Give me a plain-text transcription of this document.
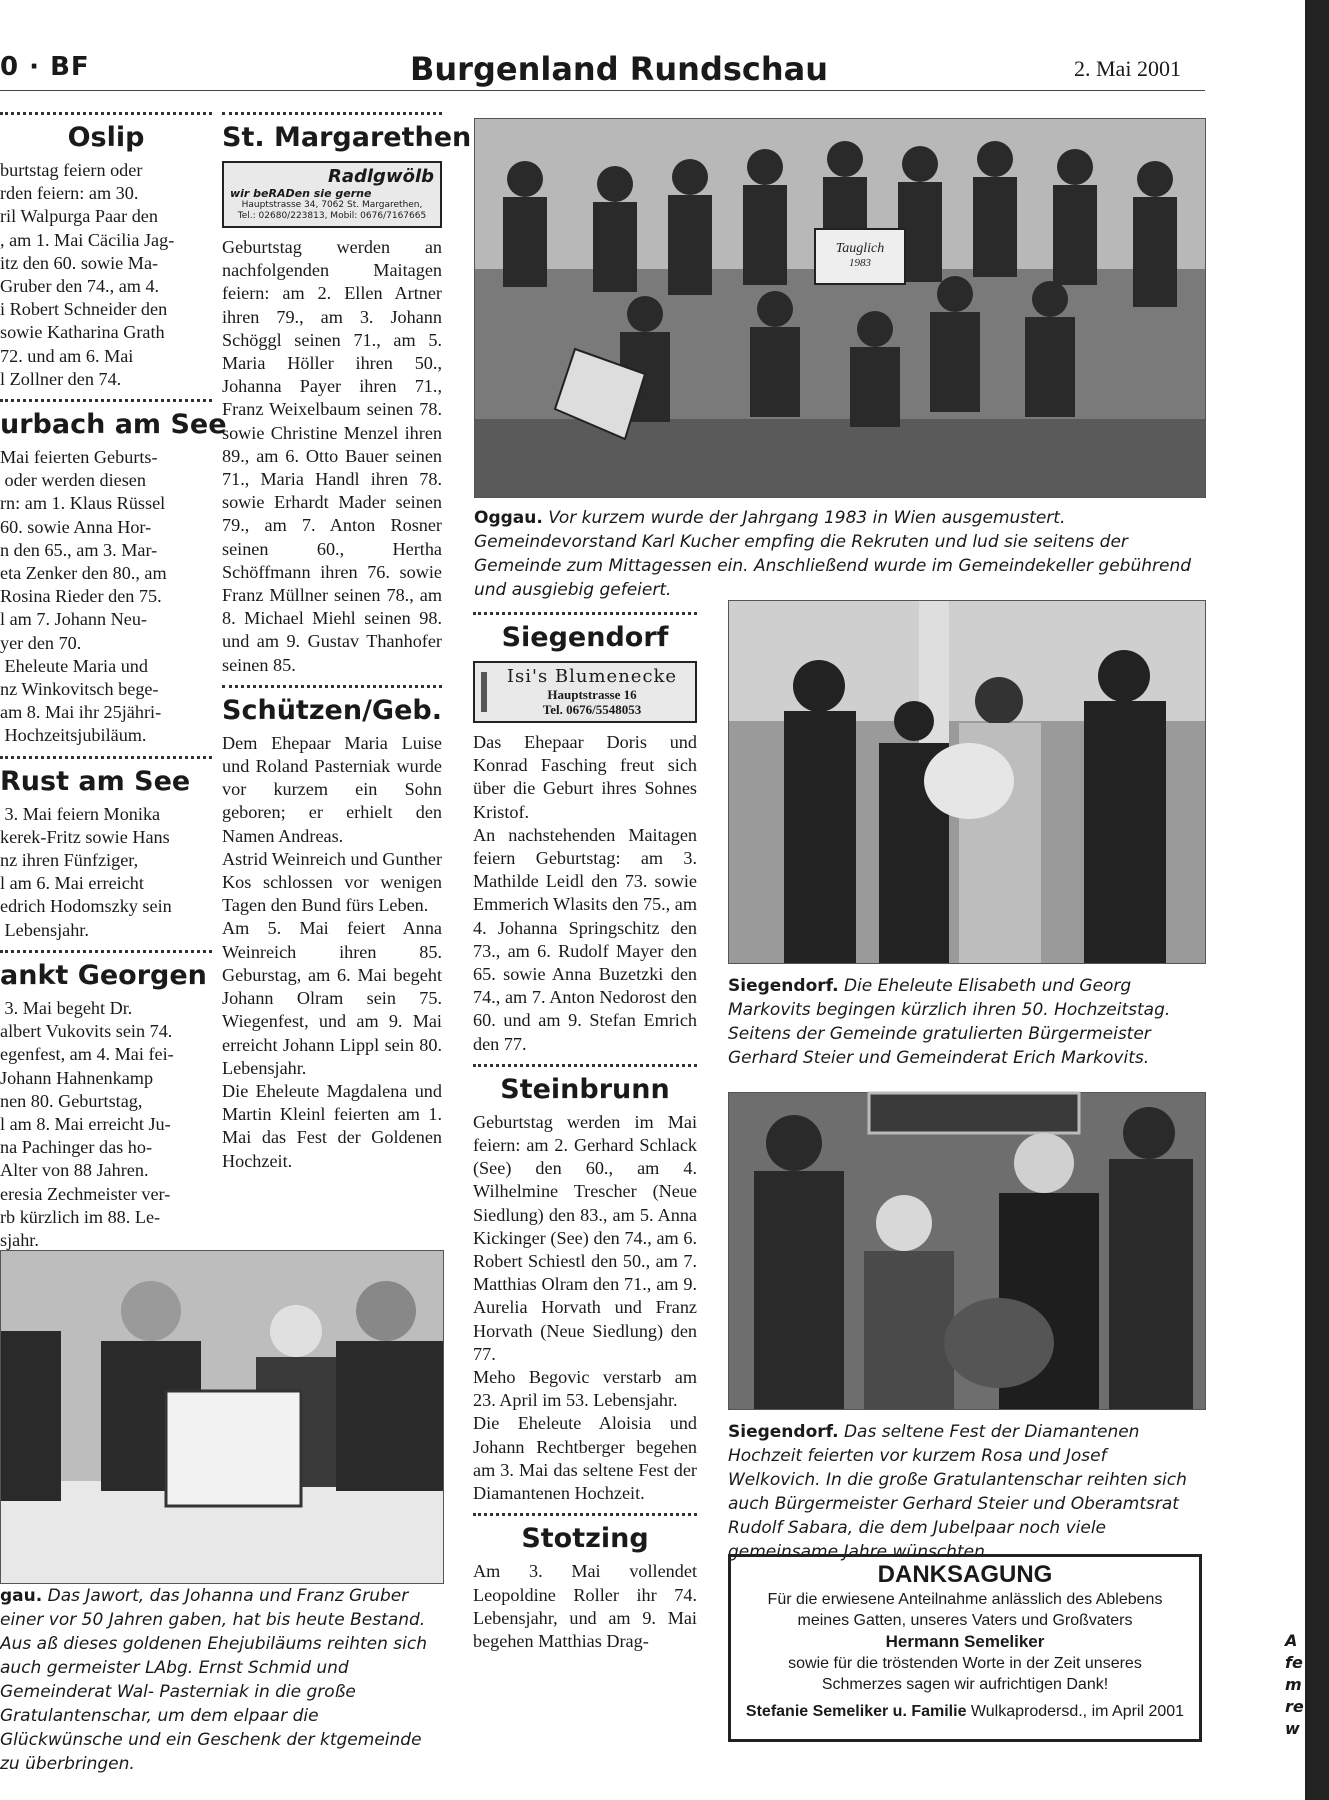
0 · BF	Burgenland Rundschau	2. Mai 2001
Oslip

burtstag feiern oder
rden feiern: am 30.
ril Walpurga Paar den
, am 1. Mai Cäcilia Jag-
itz den 60. sowie Ma-
Gruber den 74., am 4.
i Robert Schneider den
sowie Katharina Grath
72. und am 6. Mai
l Zollner den 74.

urbach am See

Mai feierten Geburts-
oder werden diesen
rn: am 1. Klaus Rüssel
60. sowie Anna Hor-
n den 65., am 3. Mar-
eta Zenker den 80., am
Rosina Rieder den 75.
l am 7. Johann Neu-
yer den 70.
Eheleute Maria und
nz Winkovitsch bege-
am 8. Mai ihr 25jähri-
Hochzeitsjubiläum.

Rust am See

3. Mai feiern Monika
kerek-Fritz sowie Hans
nz ihren Fünfziger,
l am 6. Mai erreicht
edrich Hodomszky sein
Lebensjahr.

ankt Georgen

3. Mai begeht Dr.
albert Vukovits sein 74.
egenfest, am 4. Mai fei-
Johann Hahnenkamp
nen 80. Geburtstag,
l am 8. Mai erreicht Ju-
na Pachinger das ho-
Alter von 88 Jahren.
eresia Zechmeister ver-
rb kürzlich im 88. Le-
sjahr.

St. Margarethen
Radlgwölb
wir beRADen sie gerne
Hauptstrasse 34, 7062 St. Margarethen,
Tel.: 02680/223813, Mobil: 0676/7167665

Geburtstag werden an nachfolgenden Maitagen feiern: am 2. Ellen Artner ihren 79., am 3. Johann Schöggl seinen 71., am 5. Maria Höller ihren 50., Johanna Payer ihren 71., Franz Weixelbaum seinen 78. sowie Christine Menzel ihren 89., am 6. Otto Bauer seinen 71., Maria Handl ihren 78. sowie Erhardt Mader seinen 79., am 7. Anton Rosner seinen 60., Hertha Schöffmann ihren 76. sowie Franz Müllner seinen 78., am 8. Michael Miehl seinen 98. und am 9. Gustav Thanhofer seinen 85.

Schützen/Geb.

Dem Ehepaar Maria Luise und Roland Pasterniak wurde vor kurzem ein Sohn geboren; er erhielt den Namen Andreas.
Astrid Weinreich und Gunther Kos schlossen vor wenigen Tagen den Bund fürs Leben.
Am 5. Mai feiert Anna Weinreich ihren 85. Geburstag, am 6. Mai begeht Johann Olram sein 75. Wiegenfest, und am 9. Mai erreicht Johann Lippl sein 80. Lebensjahr.
Die Eheleute Magdalena und Martin Kleinl feierten am 1. Mai das Fest der Goldenen Hochzeit.

Siegendorf
Isi's Blumenecke
Hauptstrasse 16
Tel. 0676/5548053

Das Ehepaar Doris und Konrad Fasching freut sich über die Geburt ihres Sohnes Kristof.
An nachstehenden Maitagen feiern Geburtstag: am 3. Mathilde Leidl den 73. sowie Emmerich Wlasits den 75., am 4. Johanna Springschitz den 73., am 6. Rudolf Mayer den 65. sowie Anna Buzetzki den 74., am 7. Anton Nedorost den 60. und am 9. Stefan Emrich den 77.

Steinbrunn

Geburtstag werden im Mai feiern: am 2. Gerhard Schlack (See) den 60., am 4. Wilhelmine Trescher (Neue Siedlung) den 83., am 5. Anna Kickinger (See) den 74., am 6. Robert Schiestl den 50., am 7. Matthias Olram den 71., am 9. Aurelia Horvath und Franz Horvath (Neue Siedlung) den 77.
Meho Begovic verstarb am 23. April im 53. Lebensjahr.
Die Eheleute Aloisia und Johann Rechtberger begehen am 3. Mai das seltene Fest der Diamantenen Hochzeit.

Stotzing

Am 3. Mai vollendet Leopoldine Roller ihr 74. Lebensjahr, und am 9. Mai begehen Matthias Drag-

Tauglich
1983
Oggau. Vor kurzem wurde der Jahrgang 1983 in Wien ausgemustert. Gemeindevorstand Karl Kucher empfing die Rekruten und lud sie seitens der Gemeinde zum Mittagessen ein. Anschließend wurde im Gemeindekeller gebührend und ausgiebig gefeiert.
Siegendorf. Die Eheleute Elisabeth und Georg Markovits begingen kürzlich ihren 50. Hochzeitstag. Seitens der Gemeinde gratulierten Bürgermeister Gerhard Steier und Gemeinderat Erich Markovits.
Siegendorf. Das seltene Fest der Diamantenen Hochzeit feierten vor kurzem Rosa und Josef Welkovich. In die große Gratulantenschar reihten sich auch Bürgermeister Gerhard Steier und Oberamtsrat Rudolf Sabara, die dem Jubelpaar noch viele gemeinsame Jahre wünschten.
gau. Das Jawort, das Johanna und Franz Gruber einer vor 50 Jahren gaben, hat bis heute Bestand. Aus aß dieses goldenen Ehejubiläums reihten sich auch germeister LAbg. Ernst Schmid und Gemeinderat Wal- Pasterniak in die große Gratulantenschar, um dem elpaar die Glückwünsche und ein Geschenk der ktgemeinde zu überbringen.
DANKSAGUNG
Für die erwiesene Anteilnahme anlässlich des Ablebens
meines Gatten, unseres Vaters und Großvaters
Hermann Semeliker
sowie für die tröstenden Worte in der Zeit unseres
Schmerzes sagen wir aufrichtigen Dank!
Stefanie Semeliker u. Familie Wulkaprodersd., im April 2001
A
fe
m
re
w
